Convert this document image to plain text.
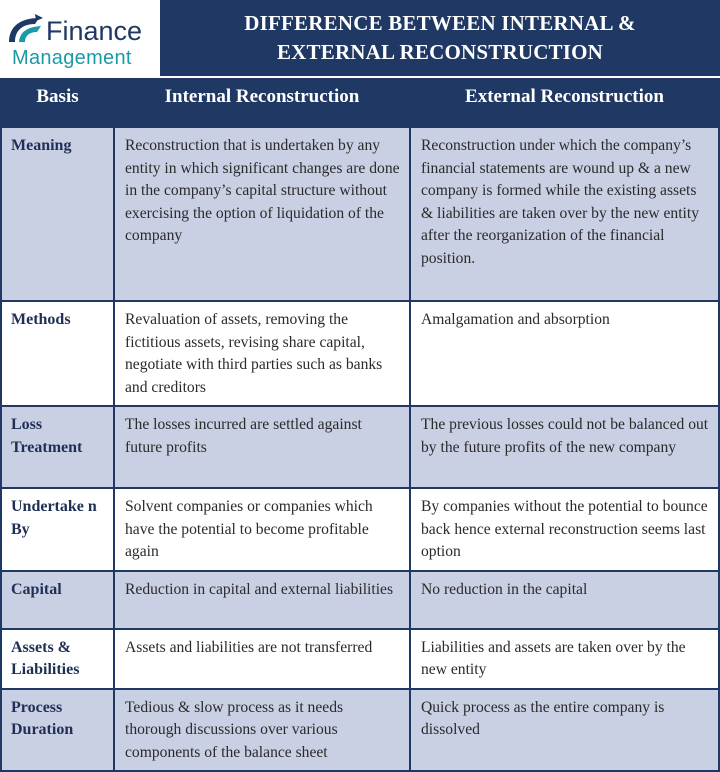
Finance
Management
DIFFERENCE BETWEEN INTERNAL &
EXTERNAL RECONSTRUCTION
Basis	Internal Reconstruction	External Reconstruction
Meaning	Reconstruction that is undertaken by any entity in which significant changes are done in the company’s capital structure without exercising the option of liquidation of the company	Reconstruction under which the company’s financial statements are wound up & a new company is formed while the existing assets & liabilities are taken over by the new entity after the reorganization of the financial position.
Methods	Revaluation of assets, removing the fictitious assets, revising share capital, negotiate with third parties such as banks and creditors	Amalgamation and absorption
Loss Treatment	The losses incurred are settled against future profits	The previous losses could not be balanced out by the future profits of the new company
Undertake n By	Solvent companies or companies which have the potential to become profitable again	By companies without the potential to bounce back hence external reconstruction seems last option
Capital	Reduction in capital and external liabilities	No reduction in the capital
Assets & Liabilities	Assets and liabilities are not transferred	Liabilities and assets are taken over by the new entity
Process Duration	Tedious & slow process as it needs thorough discussions over various components of the balance sheet	Quick process as the entire company is dissolved
